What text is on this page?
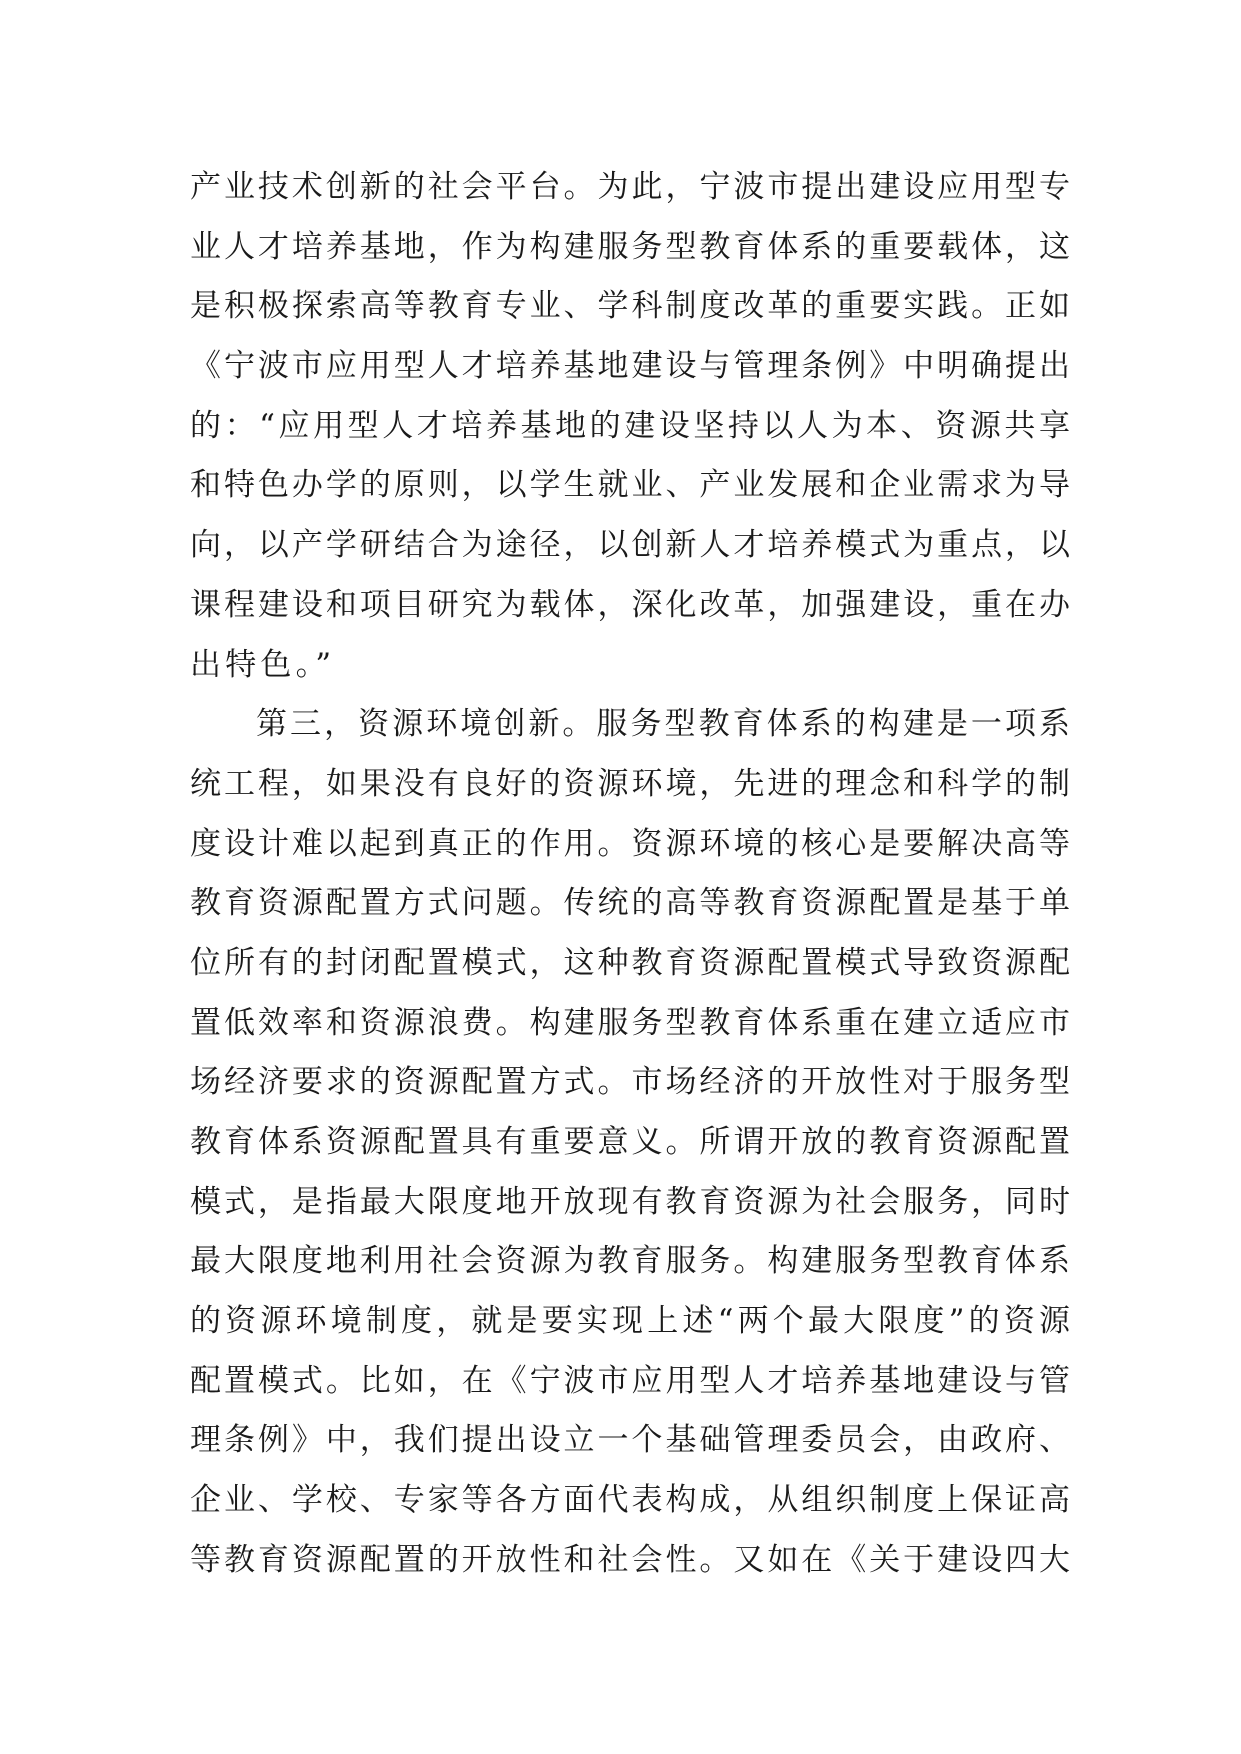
产业技术创新的社会平台。为此，宁波市提出建设应用型专
业人才培养基地，作为构建服务型教育体系的重要载体，这
是积极探索高等教育专业、学科制度改革的重要实践。正如
《宁波市应用型人才培养基地建设与管理条例》中明确提出
的：“应用型人才培养基地的建设坚持以人为本、资源共享
和特色办学的原则，以学生就业、产业发展和企业需求为导
向，以产学研结合为途径，以创新人才培养模式为重点，以
课程建设和项目研究为载体，深化改革，加强建设，重在办
出特色。”
第三，资源环境创新。服务型教育体系的构建是一项系
统工程，如果没有良好的资源环境，先进的理念和科学的制
度设计难以起到真正的作用。资源环境的核心是要解决高等
教育资源配置方式问题。传统的高等教育资源配置是基于单
位所有的封闭配置模式，这种教育资源配置模式导致资源配
置低效率和资源浪费。构建服务型教育体系重在建立适应市
场经济要求的资源配置方式。市场经济的开放性对于服务型
教育体系资源配置具有重要意义。所谓开放的教育资源配置
模式，是指最大限度地开放现有教育资源为社会服务，同时
最大限度地利用社会资源为教育服务。构建服务型教育体系
的资源环境制度，就是要实现上述“两个最大限度”的资源
配置模式。比如，在《宁波市应用型人才培养基地建设与管
理条例》中，我们提出设立一个基础管理委员会，由政府、
企业、学校、专家等各方面代表构成，从组织制度上保证高
等教育资源配置的开放性和社会性。又如在《关于建设四大
